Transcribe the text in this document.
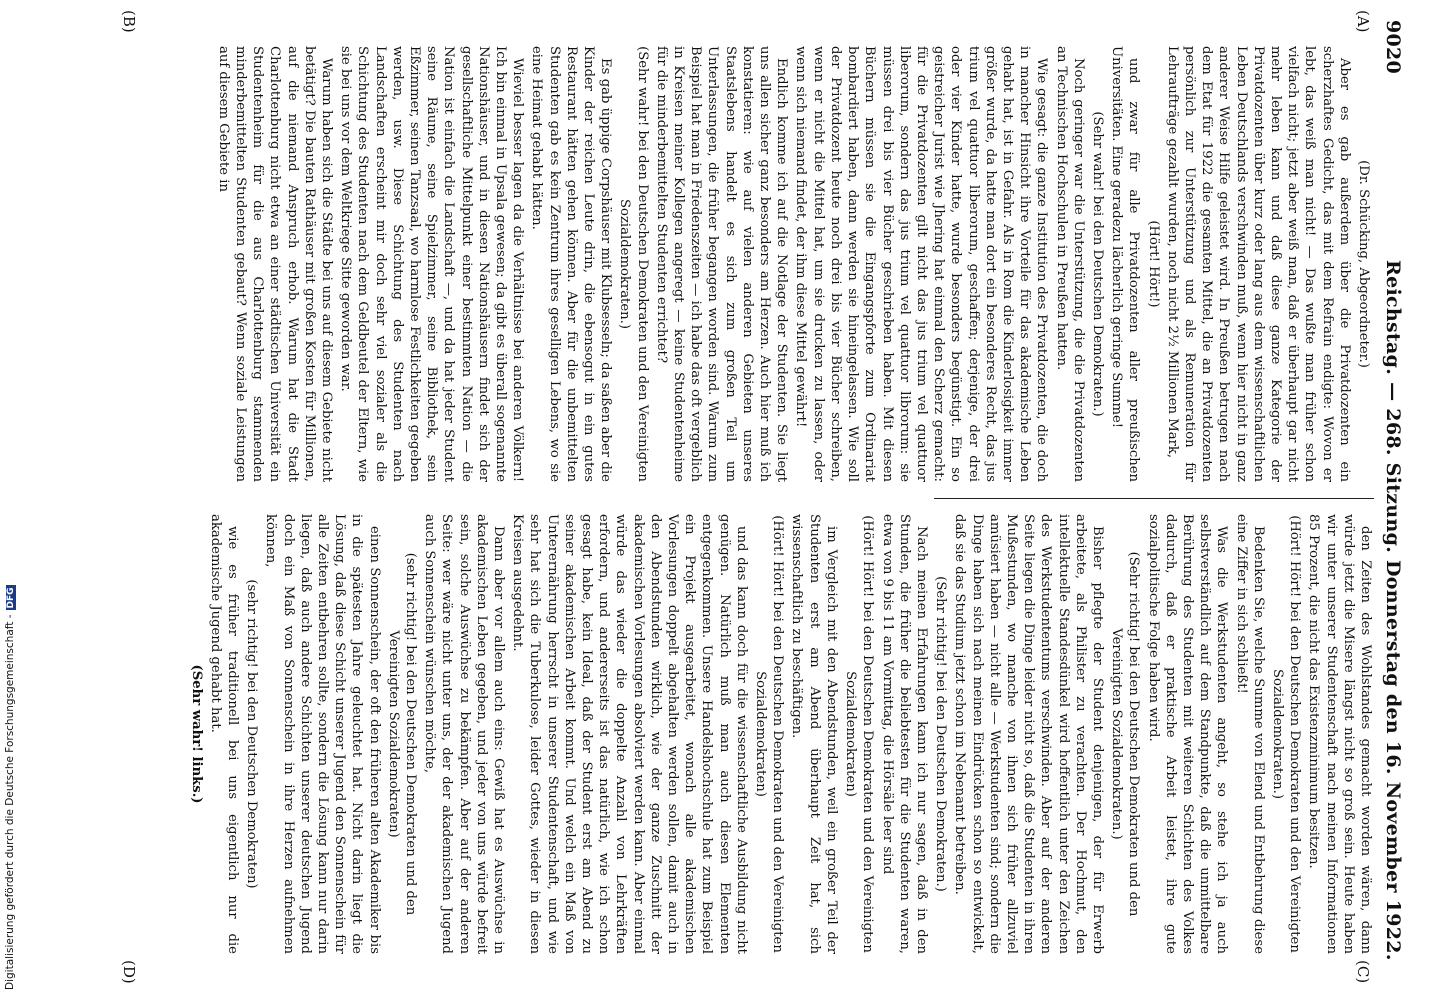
9020
Reichstag. — 268. Sitzung. Donnerstag den 16. November 1922.
(A)
(B)
(C)
(D)

(Dr. Schücking, Abgeordneter.)

Aber es gab außerdem über die Privatdozenten ein scherzhaftes Gedicht, das mit dem Refrain endigte: Wovon er lebt, das weiß man nicht! — Das wußte man früher schon vielfach nicht; jetzt aber weiß man, daß er überhaupt gar nicht mehr leben kann und daß diese ganze Kategorie der Privatdozenten über kurz oder lang aus dem wissenschaftlichen Leben Deutschlands verschwinden muß, wenn hier nicht in ganz anderer Weise Hilfe geleistet wird. In Preußen betrugen nach dem Etat für 1922 die gesamten Mittel, die an Privatdozenten persönlich zur Unterstützung und als Remuneration für Lehraufträge gezahlt wurden, noch nicht 2½ Millionen Mark,

(Hört! Hört!)

und zwar für alle Privatdozenten aller preußischen Universitäten. Eine geradezu lächerlich geringe Summe!

(Sehr wahr! bei den Deutschen Demokraten.)

Noch geringer war die Unterstützung, die die Privatdozenten an Technischen Hochschulen in Preußen hatten.

Wie gesagt: die ganze Institution des Privatdozenten, die doch in mancher Hinsicht ihre Vorteile für das akademische Leben gehabt hat, ist in Gefahr. Als in Rom die Kinderlosigkeit immer größer wurde, da hatte man dort ein besonderes Recht, das jus trium vel quattuor liberorum, geschaffen; derjenige, der drei oder vier Kinder hatte, wurde besonders begünstigt. Ein so geistreicher Jurist wie Jhering hat einmal den Scherz gemacht: für die Privatdozenten gilt nicht das jus trium vel quattuor liberorum, sondern das jus trium vel quattuor librorum: sie müssen drei bis vier Bücher geschrieben haben. Mit diesen Büchern müssen sie die Eingangspforte zum Ordinariat bombardiert haben, dann werden sie hineingelassen. Wie soll der Privatdozent heute noch drei bis vier Bücher schreiben, wenn er nicht die Mittel hat, um sie drucken zu lassen, oder wenn sich niemand findet, der ihm diese Mittel gewährt!

Endlich komme ich auf die Notlage der Studenten. Sie liegt uns allen sicher ganz besonders am Herzen. Auch hier muß ich konstatieren: wie auf vielen anderen Gebieten unseres Staatslebens handelt es sich zum großen Teil um Unterlassungen, die früher begangen worden sind. Warum zum Beispiel hat man in Friedenszeiten — ich habe das oft vergeblich in Kreisen meiner Kollegen angeregt — keine Studentenheime für die minderbemittelten Studenten errichtet?

(Sehr wahr! bei den Deutschen Demokraten und den Vereinigten Sozialdemokraten.)

Es gab üppige Corpshäuser mit Klubsesseln; da saßen aber die Kinder der reichen Leute drin, die ebensogut in ein gutes Restaurant hätten gehen können. Aber für die unbemittelten Studenten gab es kein Zentrum ihres geselligen Lebens, wo sie eine Heimat gehabt hätten.

Wieviel besser lagen da die Verhältnisse bei anderen Völkern! Ich bin einmal in Upsala gewesen; da gibt es überall sogenannte Nationshäuser, und in diesen Nationshäusern findet sich der gesellschaftliche Mittelpunkt einer bestimmten Nation — die Nation ist einfach die Landschaft —, und da hat jeder Student seine Räume, seine Spielzimmer, seine Bibliothek, sein Eßzimmer, seinen Tanzsaal, wo harmlose Festlichkeiten gegeben werden, usw. Diese Schichtung des Studenten nach Landschaften erscheint mir doch sehr viel sozialer als die Schichtung des Studenten nach dem Geldbeutel der Eltern, wie sie bei uns vor dem Weltkriege Sitte geworden war.

Warum haben sich die Städte bei uns auf diesem Gebiete nicht betätigt? Die bauten Rathäuser mit großen Kosten für Millionen, auf die niemand Anspruch erhob. Warum hat die Stadt Charlottenburg nicht etwa an einer städtischen Universität ein Studentenheim für die aus Charlottenburg stammenden minderbemittelten Studenten gebaut? Wenn soziale Leistungen auf diesem Gebiete in

den Zeiten des Wohlstandes gemacht worden wären, dann würde jetzt die Misere längst nicht so groß sein. Heute haben wir unter unserer Studentenschaft nach meinen Informationen 85 Prozent, die nicht das Existenzminimum besitzen.

(Hört! Hört! bei den Deutschen Demokraten und den Vereinigten Sozialdemokraten.)

Bedenken Sie, welche Summe von Elend und Entbehrung diese eine Ziffer in sich schließt!

Was die Werkstudenten angeht, so stehe ich ja auch selbstverständlich auf dem Standpunkte, daß die unmittelbare Berührung des Studenten mit weiteren Schichten des Volkes dadurch, daß er praktische Arbeit leistet, ihre gute sozialpolitische Folge haben wird.

(Sehr richtig! bei den Deutschen Demokraten und den Vereinigten Sozialdemokraten.)

Bisher pflegte der Student denjenigen, der für Erwerb arbeitete, als Philister zu verachten. Der Hochmut, den intellektuelle Standesdünkel wird hoffentlich unter den Zeichen des Werkstudententums verschwinden. Aber auf der anderen Seite liegen die Dinge leider nicht so, daß die Studenten in ihren Mußestunden, wo manche von ihnen sich früher allzuviel amüsiert haben — nicht alle — Werkstudenten sind; sondern die Dinge haben sich nach meinen Eindrücken schon so entwickelt, daß sie das Studium jetzt schon im Nebenamt betreiben.

(Sehr richtig! bei den Deutschen Demokraten.)

Nach meinen Erfahrungen kann ich nur sagen, daß in den Stunden, die früher die beliebtesten für die Studenten waren, etwa von 9 bis 11 am Vormittag, die Hörsäle leer sind

(Hört! Hört! bei den Deutschen Demokraten und den Vereinigten Sozialdemokraten)

im Vergleich mit den Abendstunden, weil ein großer Teil der Studenten erst am Abend überhaupt Zeit hat, sich wissenschaftlich zu beschäftigen.

(Hört! Hört! bei den Deutschen Demokraten und den Vereinigten Sozialdemokraten)

und das kann doch für die wissenschaftliche Ausbildung nicht genügen. Natürlich muß man auch diesen Elementen entgegenkommen. Unsere Handelshochschule hat zum Beispiel ein Projekt ausgearbeitet, wonach alle akademischen Vorlesungen doppelt abgehalten werden sollen, damit auch in den Abendstunden wirklich, wie der ganze Zuschnitt der akademischen Vorlesungen absolviert werden kann. Aber einmal würde das wieder die doppelte Anzahl von Lehrkräften erfordern, und andererseits ist das natürlich, wie ich schon gesagt habe, kein Ideal, daß der Student erst am Abend zu seiner akademischen Arbeit kommt. Und welch ein Maß von Unterernährung herrscht in unserer Studentenschaft, und wie sehr hat sich die Tuberkulose, leider Gottes, wieder in diesen Kreisen ausgedehnt.

Dann aber vor allem auch eins: Gewiß hat es Auswüchse in akademischen Leben gegeben, und jeder von uns würde befreit sein, solche Auswüchse zu bekämpfen. Aber auf der anderen Seite: wer wäre nicht unter uns, der der akademischen Jugend auch Sonnenschein wünschen möchte,

(sehr richtig! bei den Deutschen Demokraten und den Vereinigten Sozialdemokraten)

einen Sonnenschein, der oft den früheren alten Akademiker bis in die spätesten Jahre geleuchtet hat. Nicht darin liegt die Lösung, daß diese Schicht unserer Jugend den Sonnenschein für alle Zeiten entbehren sollte, sondern die Lösung kann nur darin liegen, daß auch andere Schichten unserer deutschen Jugend doch ein Maß von Sonnenschein in ihre Herzen aufnehmen können,

(sehr richtig! bei den Deutschen Demokraten)

wie es früher traditionell bei uns eigentlich nur die akademische Jugend gehabt hat.

(Sehr wahr! links.)

Digitalisierung gefördert durch die Deutsche Forschungsgemeinschaft -DFG
